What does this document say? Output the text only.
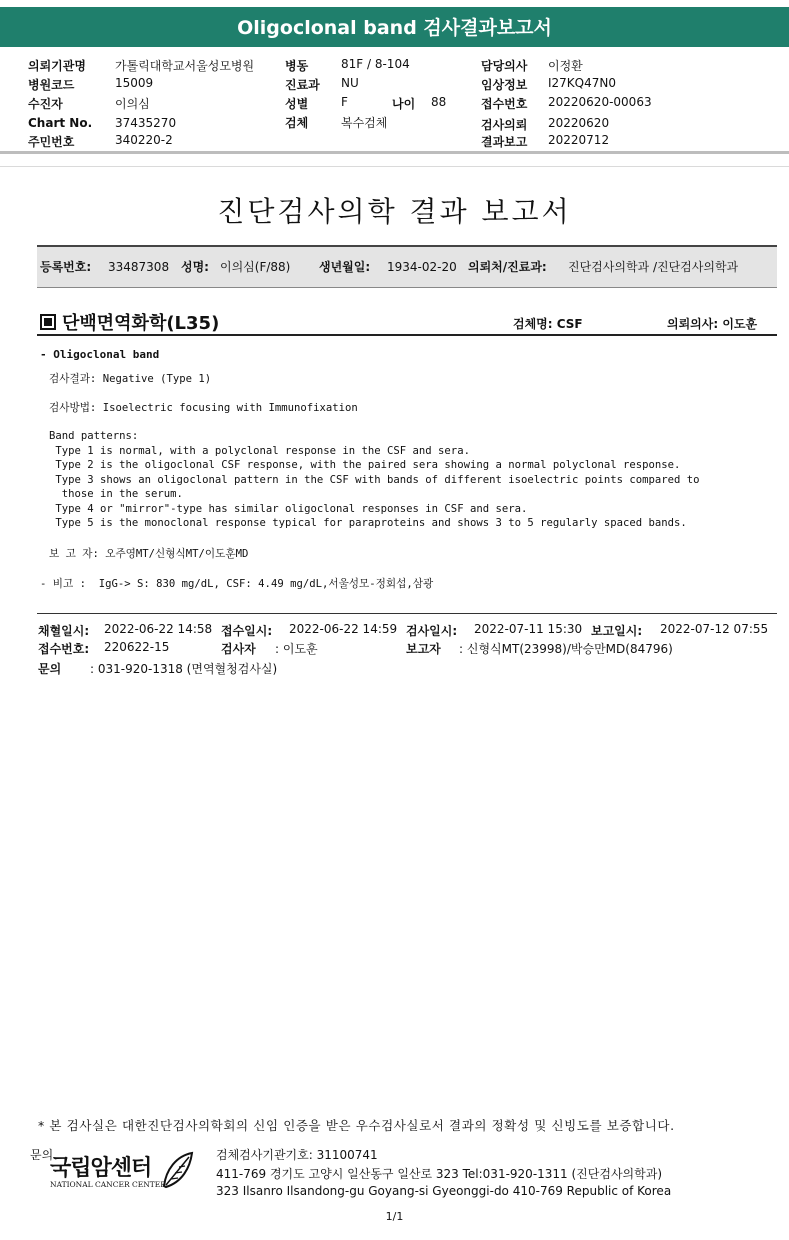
Oligoclonal band 검사결과보고서
의뢰기관명 가톨릭대학교서울성모병원
병원코드	15009
수진자	이의심
Chart No. 37435270
주민번호	340220-2
병동	81F / 8-104
진료과 NU
성별	F	나이 88
검체	복수검체
담당의사 이정환
임상정보 I27KQ47N0
접수번호 20220620-00063
검사의뢰 20220620
결과보고 20220712
진단검사의학 결과 보고서
등록번호: 33487308 성명: 이의심(F/88) 생년월일: 1934-02-20 의뢰처/진료과: 진단검사의학과 /진단검사의학과
단백면역화학(L35)	검체명: CSF	의뢰의사: 이도훈
- Oligoclonal band
검사결과: Negative (Type 1)
검사방법: Isoelectric focusing with Immunofixation
Band patterns:
Type 1 is normal, with a polyclonal response in the CSF and sera.
Type 2 is the oligoclonal CSF response, with the paired sera showing a normal polyclonal response.
Type 3 shows an oligoclonal pattern in the CSF with bands of different isoelectric points compared to
those in the serum.
Type 4 or "mirror"-type has similar oligoclonal responses in CSF and sera.
Type 5 is the monoclonal response typical for paraproteins and shows 3 to 5 regularly spaced bands.
보 고 자: 오주영MT/신형식MT/이도훈MD
- 비고 :  IgG-> S: 830 mg/dL, CSF: 4.49 mg/dL,서울성모-정회섭,삼광
채혈일시: 2022-06-22 14:58 접수일시: 2022-06-22 14:59 검사일시: 2022-07-11 15:30 보고일시: 2022-07-12 07:55
접수번호: 220622-15	검사자 : 이도훈	보고자 : 신형식MT(23998)/박승만MD(84796)
문의 : 031-920-1318 (면역혈청검사실)
* 본 검사실은 대한진단검사의학회의 신임 인증을 받은 우수검사실로서 결과의 정확성 및 신빙도를 보증합니다.
문의
국립암센터
NATIONAL CANCER CENTER
검체검사기관기호: 31100741
411-769 경기도 고양시 일산동구 일산로 323 Tel:031-920-1311 (진단검사의학과)
323 Ilsanro Ilsandong-gu Goyang-si Gyeonggi-do 410-769 Republic of Korea
1/1
